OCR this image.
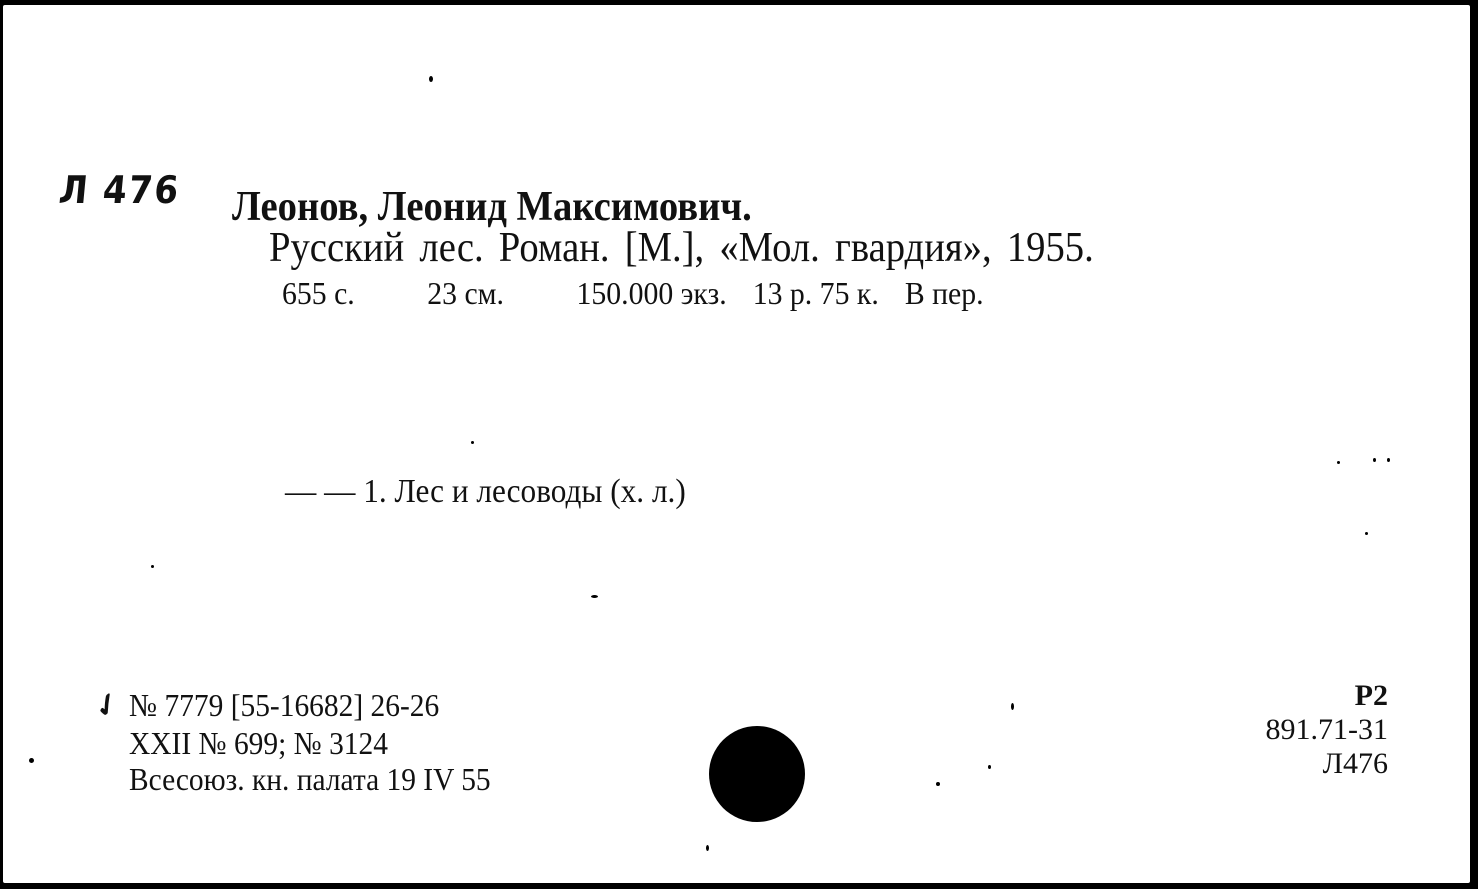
Л 476 Леонов, Леонид Максимович.
Русский лес. Роман. [М.], «Мол. гвардия», 1955.
655 с. 23 см. 150.000 экз. 13 р. 75 к. В пер.
— — 1. Лес и лесоводы (х. л.)
✓ № 7779 [55-16682] 26-26
XXII № 699; № 3124
Всесоюз. кн. палата 19 IV 55
Р2
891.71-31
Л476
